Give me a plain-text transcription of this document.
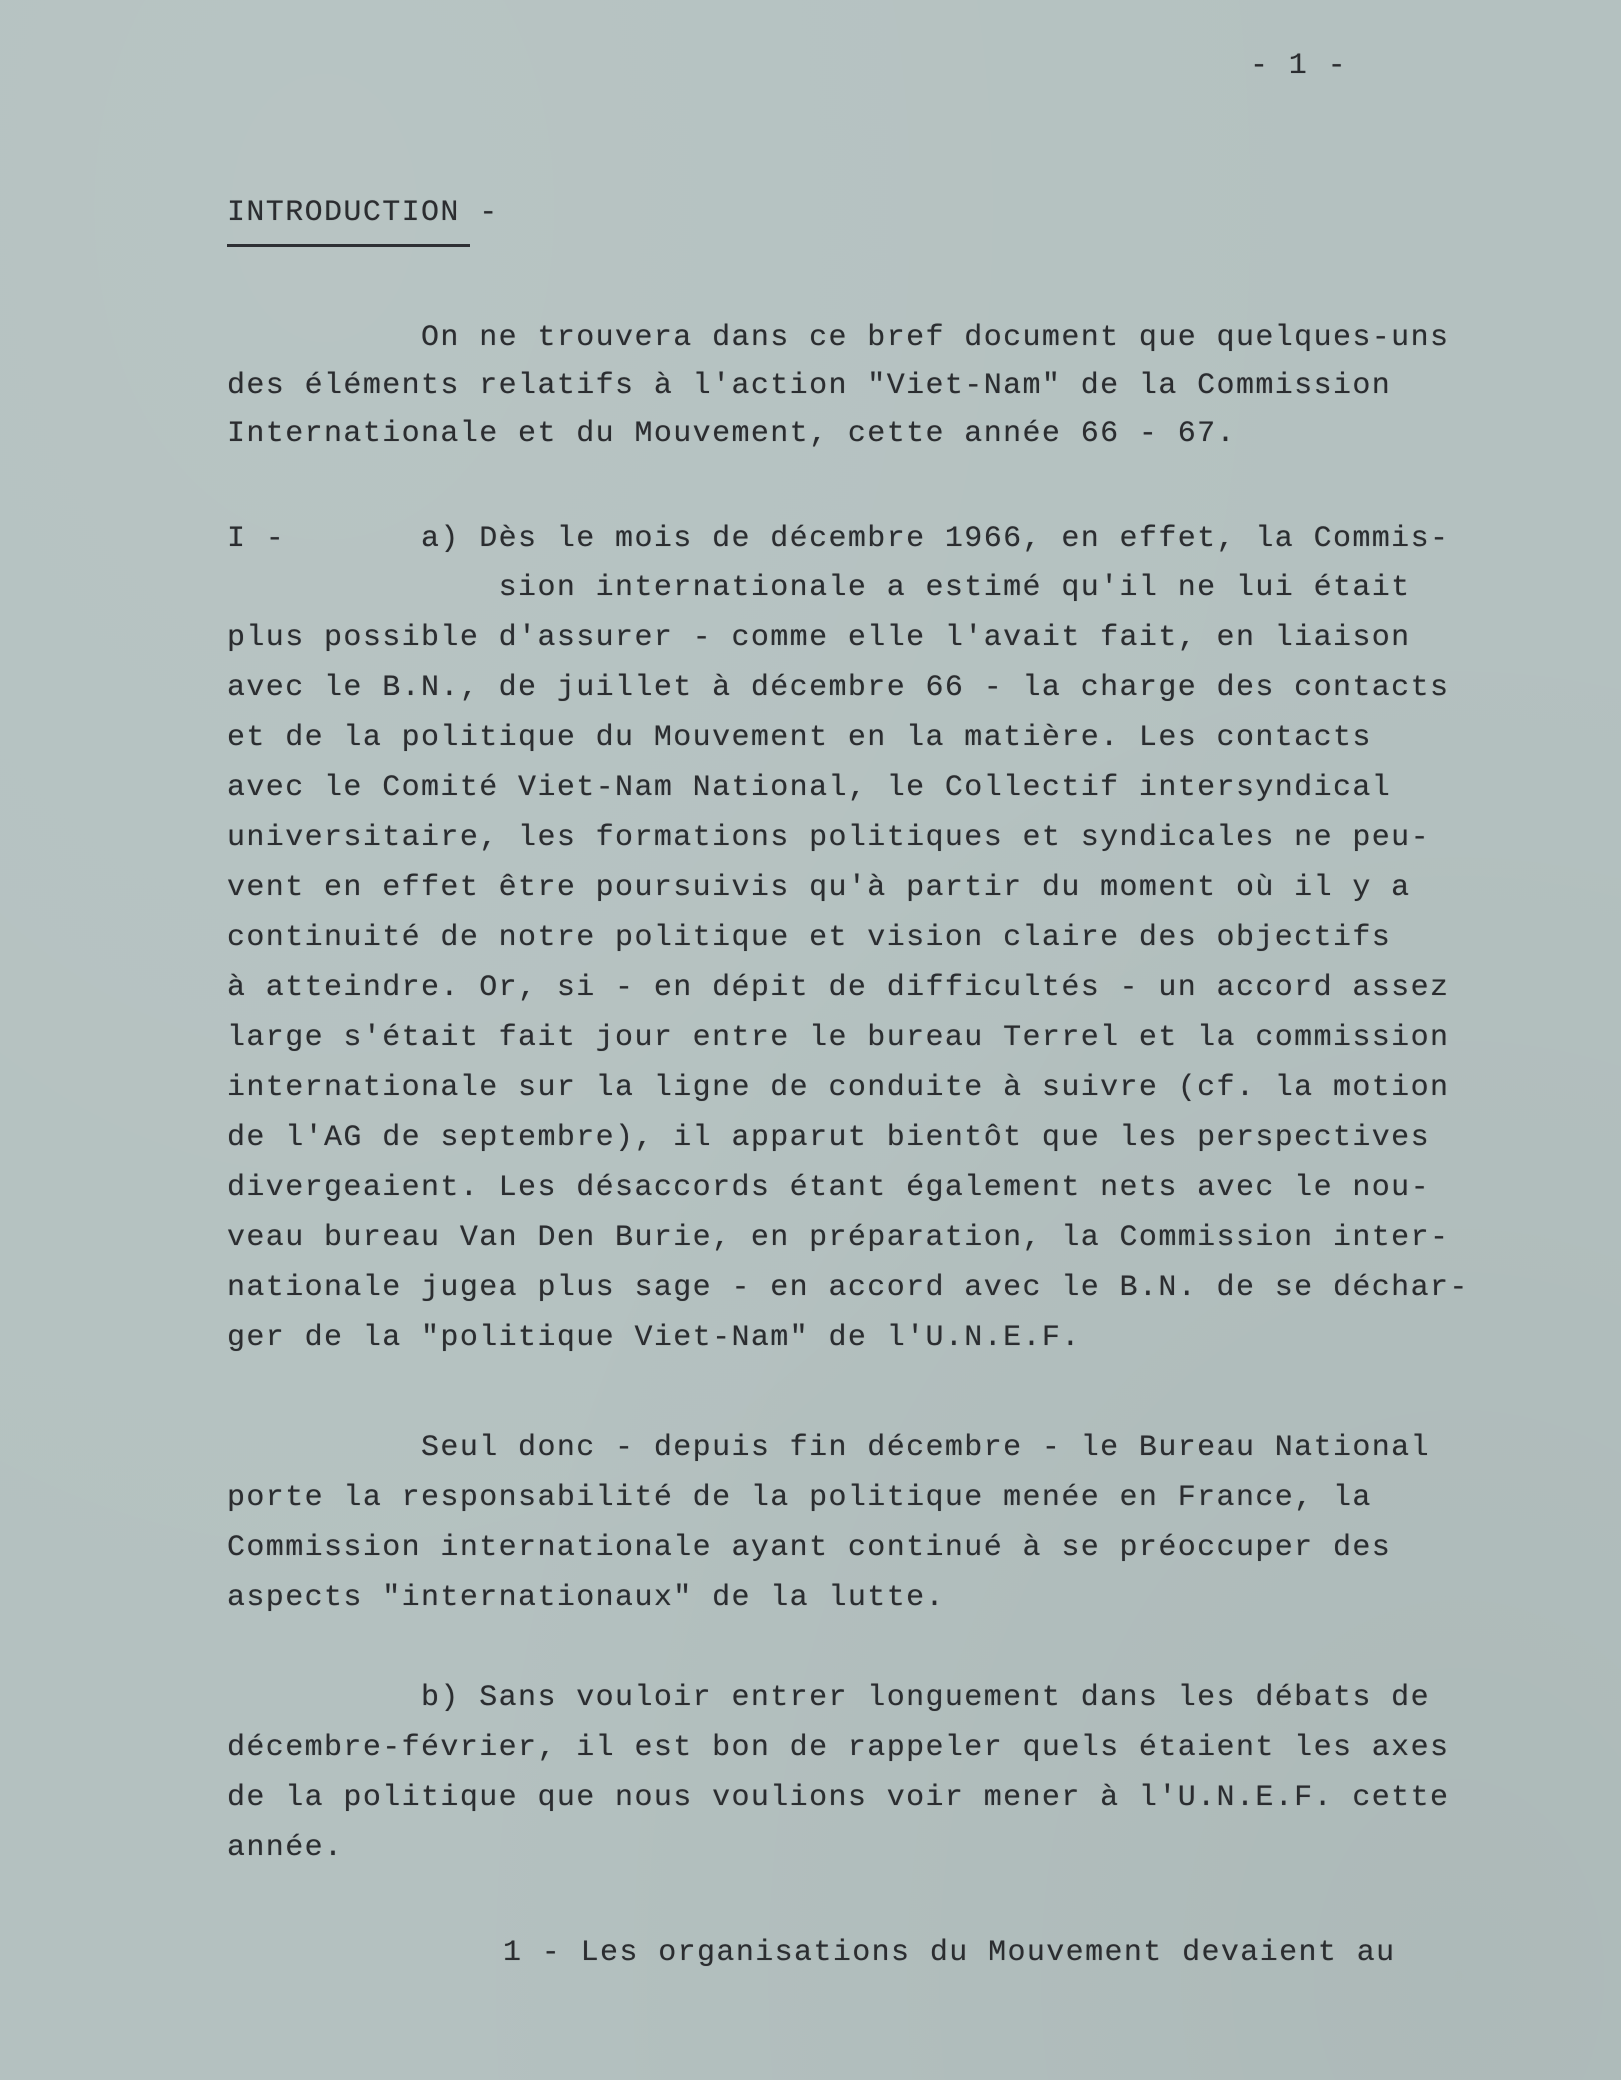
- 1 -
INTRODUCTION -
On ne trouvera dans ce bref document que quelques-uns
des éléments relatifs à l'action "Viet-Nam" de la Commission
Internationale et du Mouvement, cette année 66 - 67.
I -       a) Dès le mois de décembre 1966, en effet, la Commis-
sion internationale a estimé qu'il ne lui était
plus possible d'assurer - comme elle l'avait fait, en liaison
avec le B.N., de juillet à décembre 66 - la charge des contacts
et de la politique du Mouvement en la matière. Les contacts
avec le Comité Viet-Nam National, le Collectif intersyndical
universitaire, les formations politiques et syndicales ne peu-
vent en effet être poursuivis qu'à partir du moment où il y a
continuité de notre politique et vision claire des objectifs
à atteindre. Or, si - en dépit de difficultés - un accord assez
large s'était fait jour entre le bureau Terrel et la commission
internationale sur la ligne de conduite à suivre (cf. la motion
de l'AG de septembre), il apparut bientôt que les perspectives
divergeaient. Les désaccords étant également nets avec le nou-
veau bureau Van Den Burie, en préparation, la Commission inter-
nationale jugea plus sage - en accord avec le B.N. de se déchar-
ger de la "politique Viet-Nam" de l'U.N.E.F.
Seul donc - depuis fin décembre - le Bureau National
porte la responsabilité de la politique menée en France, la
Commission internationale ayant continué à se préoccuper des
aspects "internationaux" de la lutte.
b) Sans vouloir entrer longuement dans les débats de
décembre-février, il est bon de rappeler quels étaient les axes
de la politique que nous voulions voir mener à l'U.N.E.F. cette
année.
1 - Les organisations du Mouvement devaient au
